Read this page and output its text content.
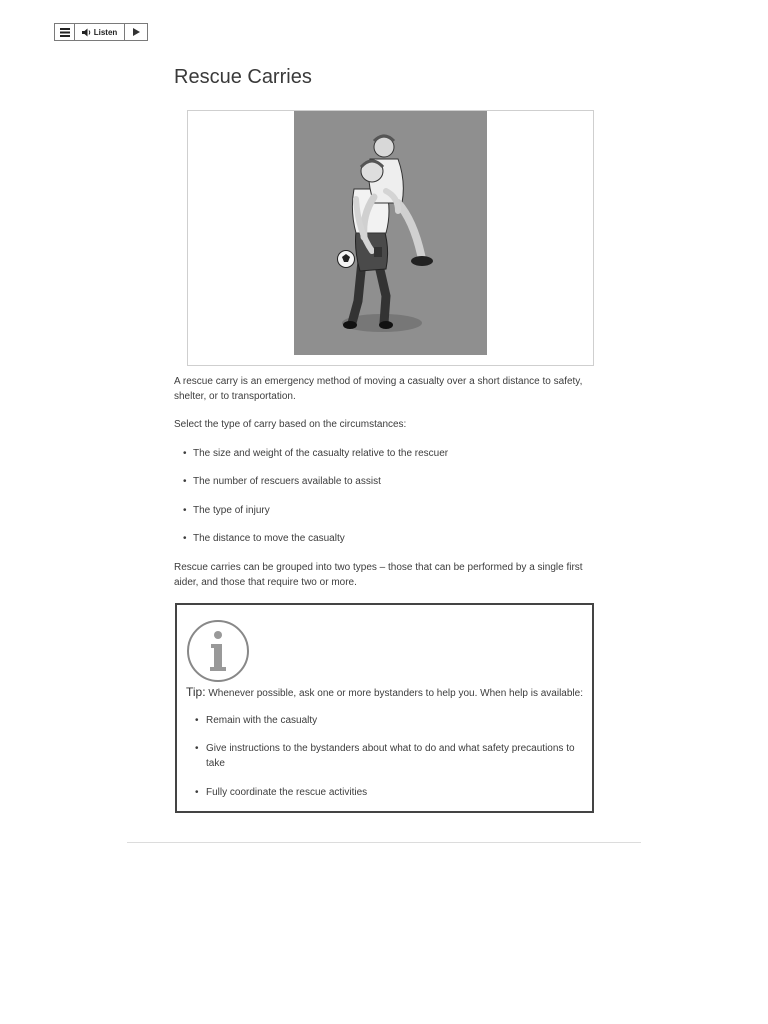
Listen
Rescue Carries

A rescue carry is an emergency method of moving a casualty over a short distance to safety, shelter, or to transportation.

Select the type of carry based on the circumstances:

• The size and weight of the casualty relative to the rescuer
• The number of rescuers available to assist
• The type of injury
• The distance to move the casualty

Rescue carries can be grouped into two types – those that can be performed by a single first aider, and those that require two or more.

Tip: Whenever possible, ask one or more bystanders to help you. When help is available:

• Remain with the casualty
• Give instructions to the bystanders about what to do and what safety precautions to take
• Fully coordinate the rescue activities
